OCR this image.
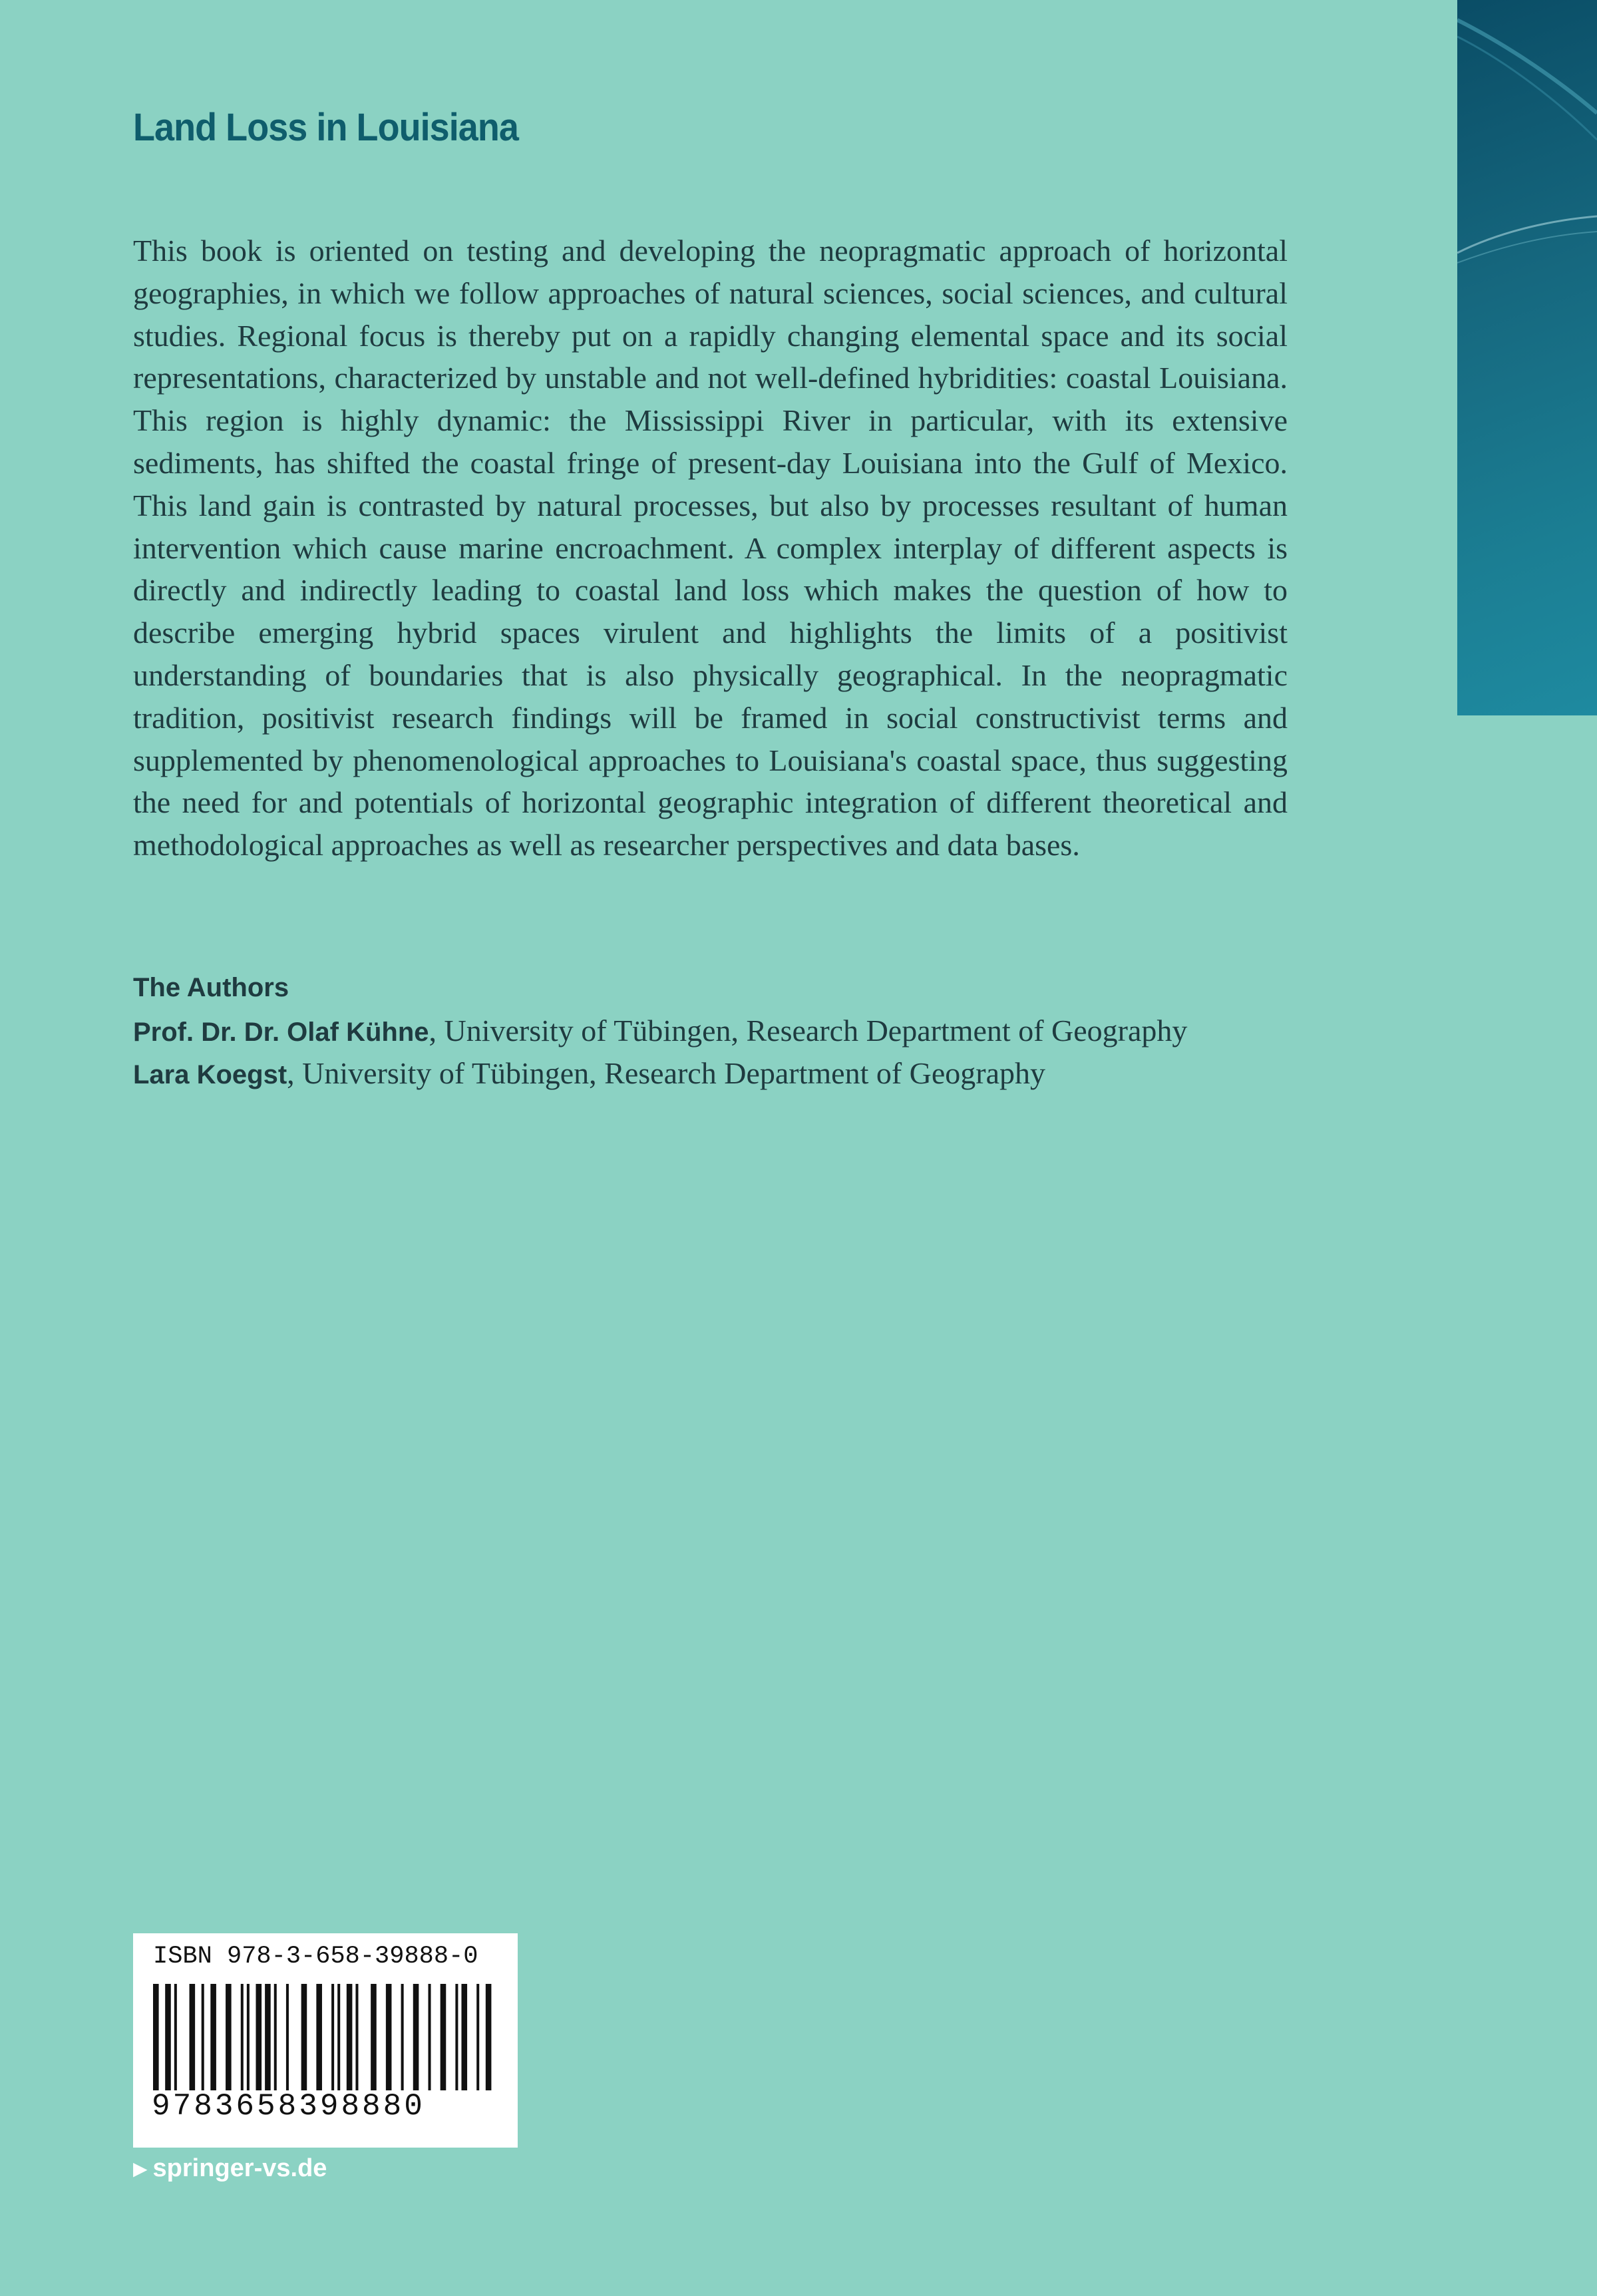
Land Loss in Louisiana

This book is oriented on testing and developing the neopragmatic approach of horizontal geographies, in which we follow approaches of natural sciences, social sciences, and cultural studies. Regional focus is thereby put on a rapidly changing elemental space and its social representations, characterized by unstable and not well-defined hybridities: coastal Louisiana. This region is highly dynamic: the Mississippi River in particular, with its extensive sediments, has shifted the coastal fringe of present-day Louisiana into the Gulf of Mexico. This land gain is contrasted by natural processes, but also by processes resultant of human intervention which cause marine encroachment. A complex interplay of different aspects is directly and indirectly leading to coastal land loss which makes the question of how to describe emerging hybrid spaces virulent and highlights the limits of a positivist understanding of boundaries that is also physically geographical. In the neopragmatic tradition, positivist research findings will be framed in social constructivist terms and supplemented by phenomenological approaches to Louisiana's coastal space, thus suggesting the need for and potentials of horizontal geographic integration of different theoretical and methodological approaches as well as researcher perspectives and data bases.

The Authors

Prof. Dr. Dr. Olaf Kühne, University of Tübingen, Research Department of Geography

Lara Koegst, University of Tübingen, Research Department of Geography

ISBN 978-3-658-39888-0

9783658398880

▶ springer-vs.de
